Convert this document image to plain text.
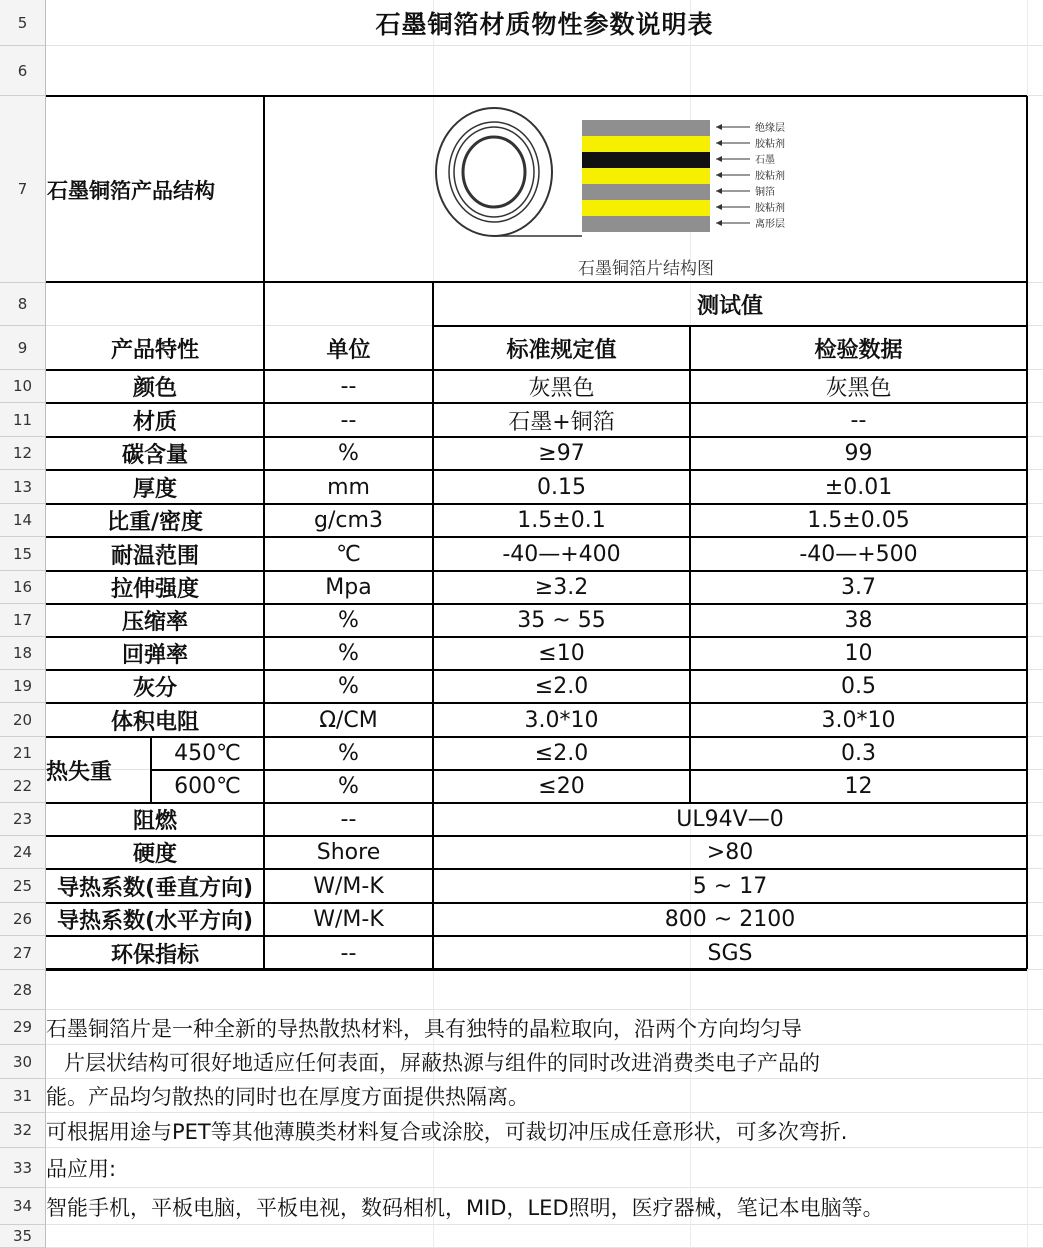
5
6
7
8
9
10
11
12
13
14
15
16
17
18
19
20
21
22
23
24
25
26
27
28
29
30
31
32
33
34
35
石墨铜箔材质物性参数说明表
石墨铜箔产品结构
绝缘层
胶粘剂
石墨
胶粘剂
铜箔
胶粘剂
离形层
石墨铜箔片结构图
产品特性	单位
测试值
标准规定值	检验数据
颜色	--	灰黑色	灰黑色
材质	--	石墨+铜箔	--
碳含量	%	≥97	99
厚度	mm	0.15	±0.01
比重/密度	g/cm3	1.5±0.1	1.5±0.05
耐温范围	℃	-40—+400	-40—+500
拉伸强度	Mpa	≥3.2	3.7
压缩率	%	35 ~ 55	38
回弹率	%	≤10	10
灰分	%	≤2.0	0.5
体积电阻	Ω/CM	3.0*10	3.0*10
热失重
450℃	%	≤2.0	0.3
600℃	%	≤20	12
阻燃	--	UL94V—0
硬度	Shore	>80
导热系数(垂直方向)	W/M-K	5 ~ 17
导热系数(水平方向)	W/M-K	800 ~ 2100
环保指标	--	SGS
石墨铜箔片是一种全新的导热散热材料，具有独特的晶粒取向，沿两个方向均匀导
片层状结构可很好地适应任何表面，屏蔽热源与组件的同时改进消费类电子产品的
能。产品均匀散热的同时也在厚度方面提供热隔离。
可根据用途与PET等其他薄膜类材料复合或涂胶，可裁切冲压成任意形状，可多次弯折.
品应用:
智能手机，平板电脑，平板电视，数码相机，MID，LED照明，医疗器械，笔记本电脑等。
